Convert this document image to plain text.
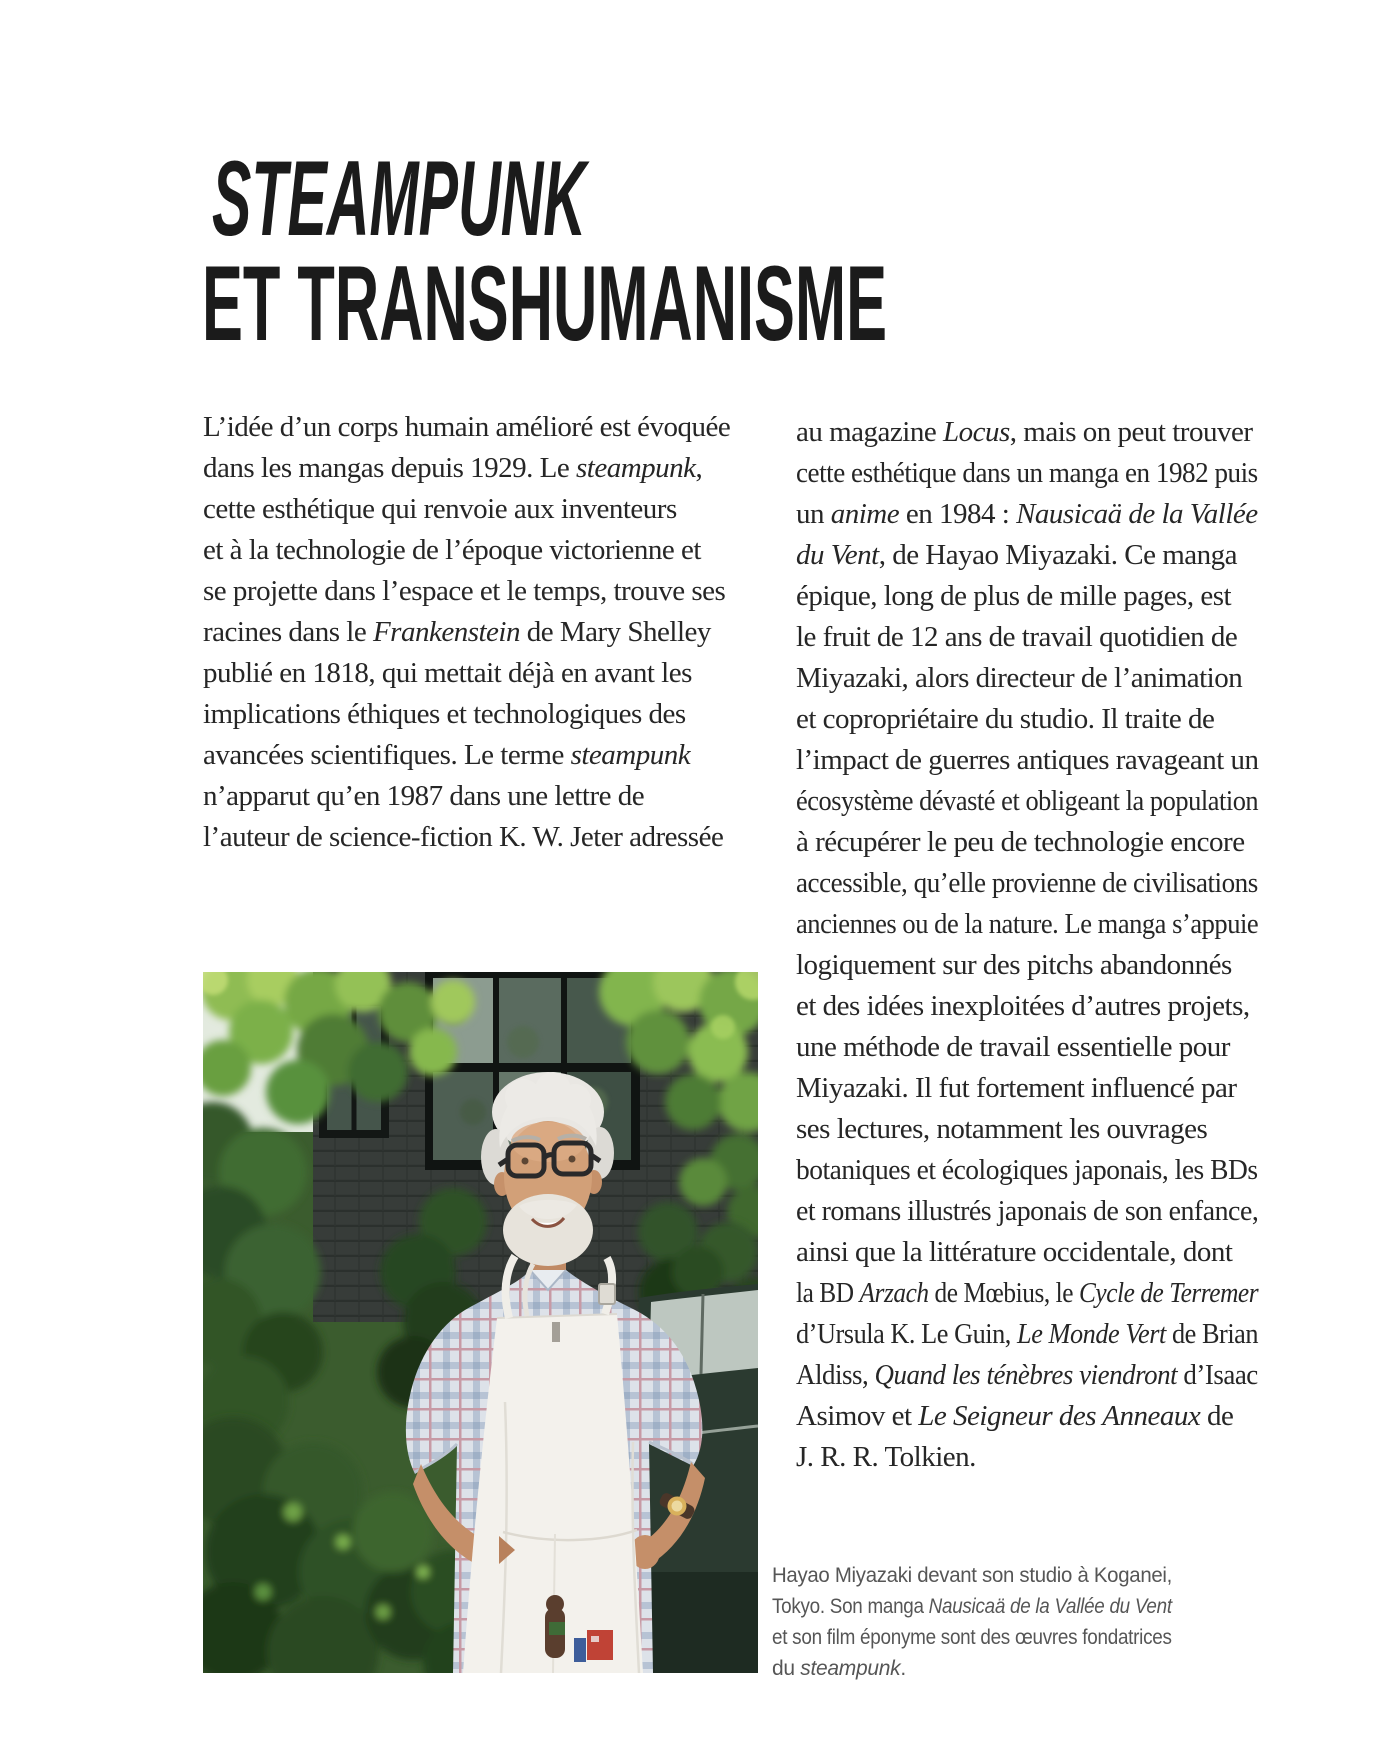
STEAMPUNK
ET TRANSHUMANISME
L’idée d’un corps humain amélioré est évoquée
dans les mangas depuis 1929. Le steampunk,
cette esthétique qui renvoie aux inventeurs
et à la technologie de l’époque victorienne et
se projette dans l’espace et le temps, trouve ses
racines dans le Frankenstein de Mary Shelley
publié en 1818, qui mettait déjà en avant les
implications éthiques et technologiques des
avancées scientifiques. Le terme steampunk
n’apparut qu’en 1987 dans une lettre de
l’auteur de science-fiction K. W. Jeter adressée
au magazine Locus, mais on peut trouver
cette esthétique dans un manga en 1982 puis
un anime en 1984 : Nausicaä de la Vallée
du Vent, de Hayao Miyazaki. Ce manga
épique, long de plus de mille pages, est
le fruit de 12 ans de travail quotidien de
Miyazaki, alors directeur de l’animation
et copropriétaire du studio. Il traite de
l’impact de guerres antiques ravageant un
écosystème dévasté et obligeant la population
à récupérer le peu de technologie encore
accessible, qu’elle provienne de civilisations
anciennes ou de la nature. Le manga s’appuie
logiquement sur des pitchs abandonnés
et des idées inexploitées d’autres projets,
une méthode de travail essentielle pour
Miyazaki. Il fut fortement influencé par
ses lectures, notamment les ouvrages
botaniques et écologiques japonais, les BDs
et romans illustrés japonais de son enfance,
ainsi que la littérature occidentale, dont
la BD Arzach de Mœbius, le Cycle de Terremer
d’Ursula K. Le Guin, Le Monde Vert de Brian
Aldiss, Quand les ténèbres viendront d’Isaac
Asimov et Le Seigneur des Anneaux de
J. R. R. Tolkien.
Hayao Miyazaki devant son studio à Koganei,
Tokyo. Son manga Nausicaä de la Vallée du Vent
et son film éponyme sont des œuvres fondatrices
du steampunk.
